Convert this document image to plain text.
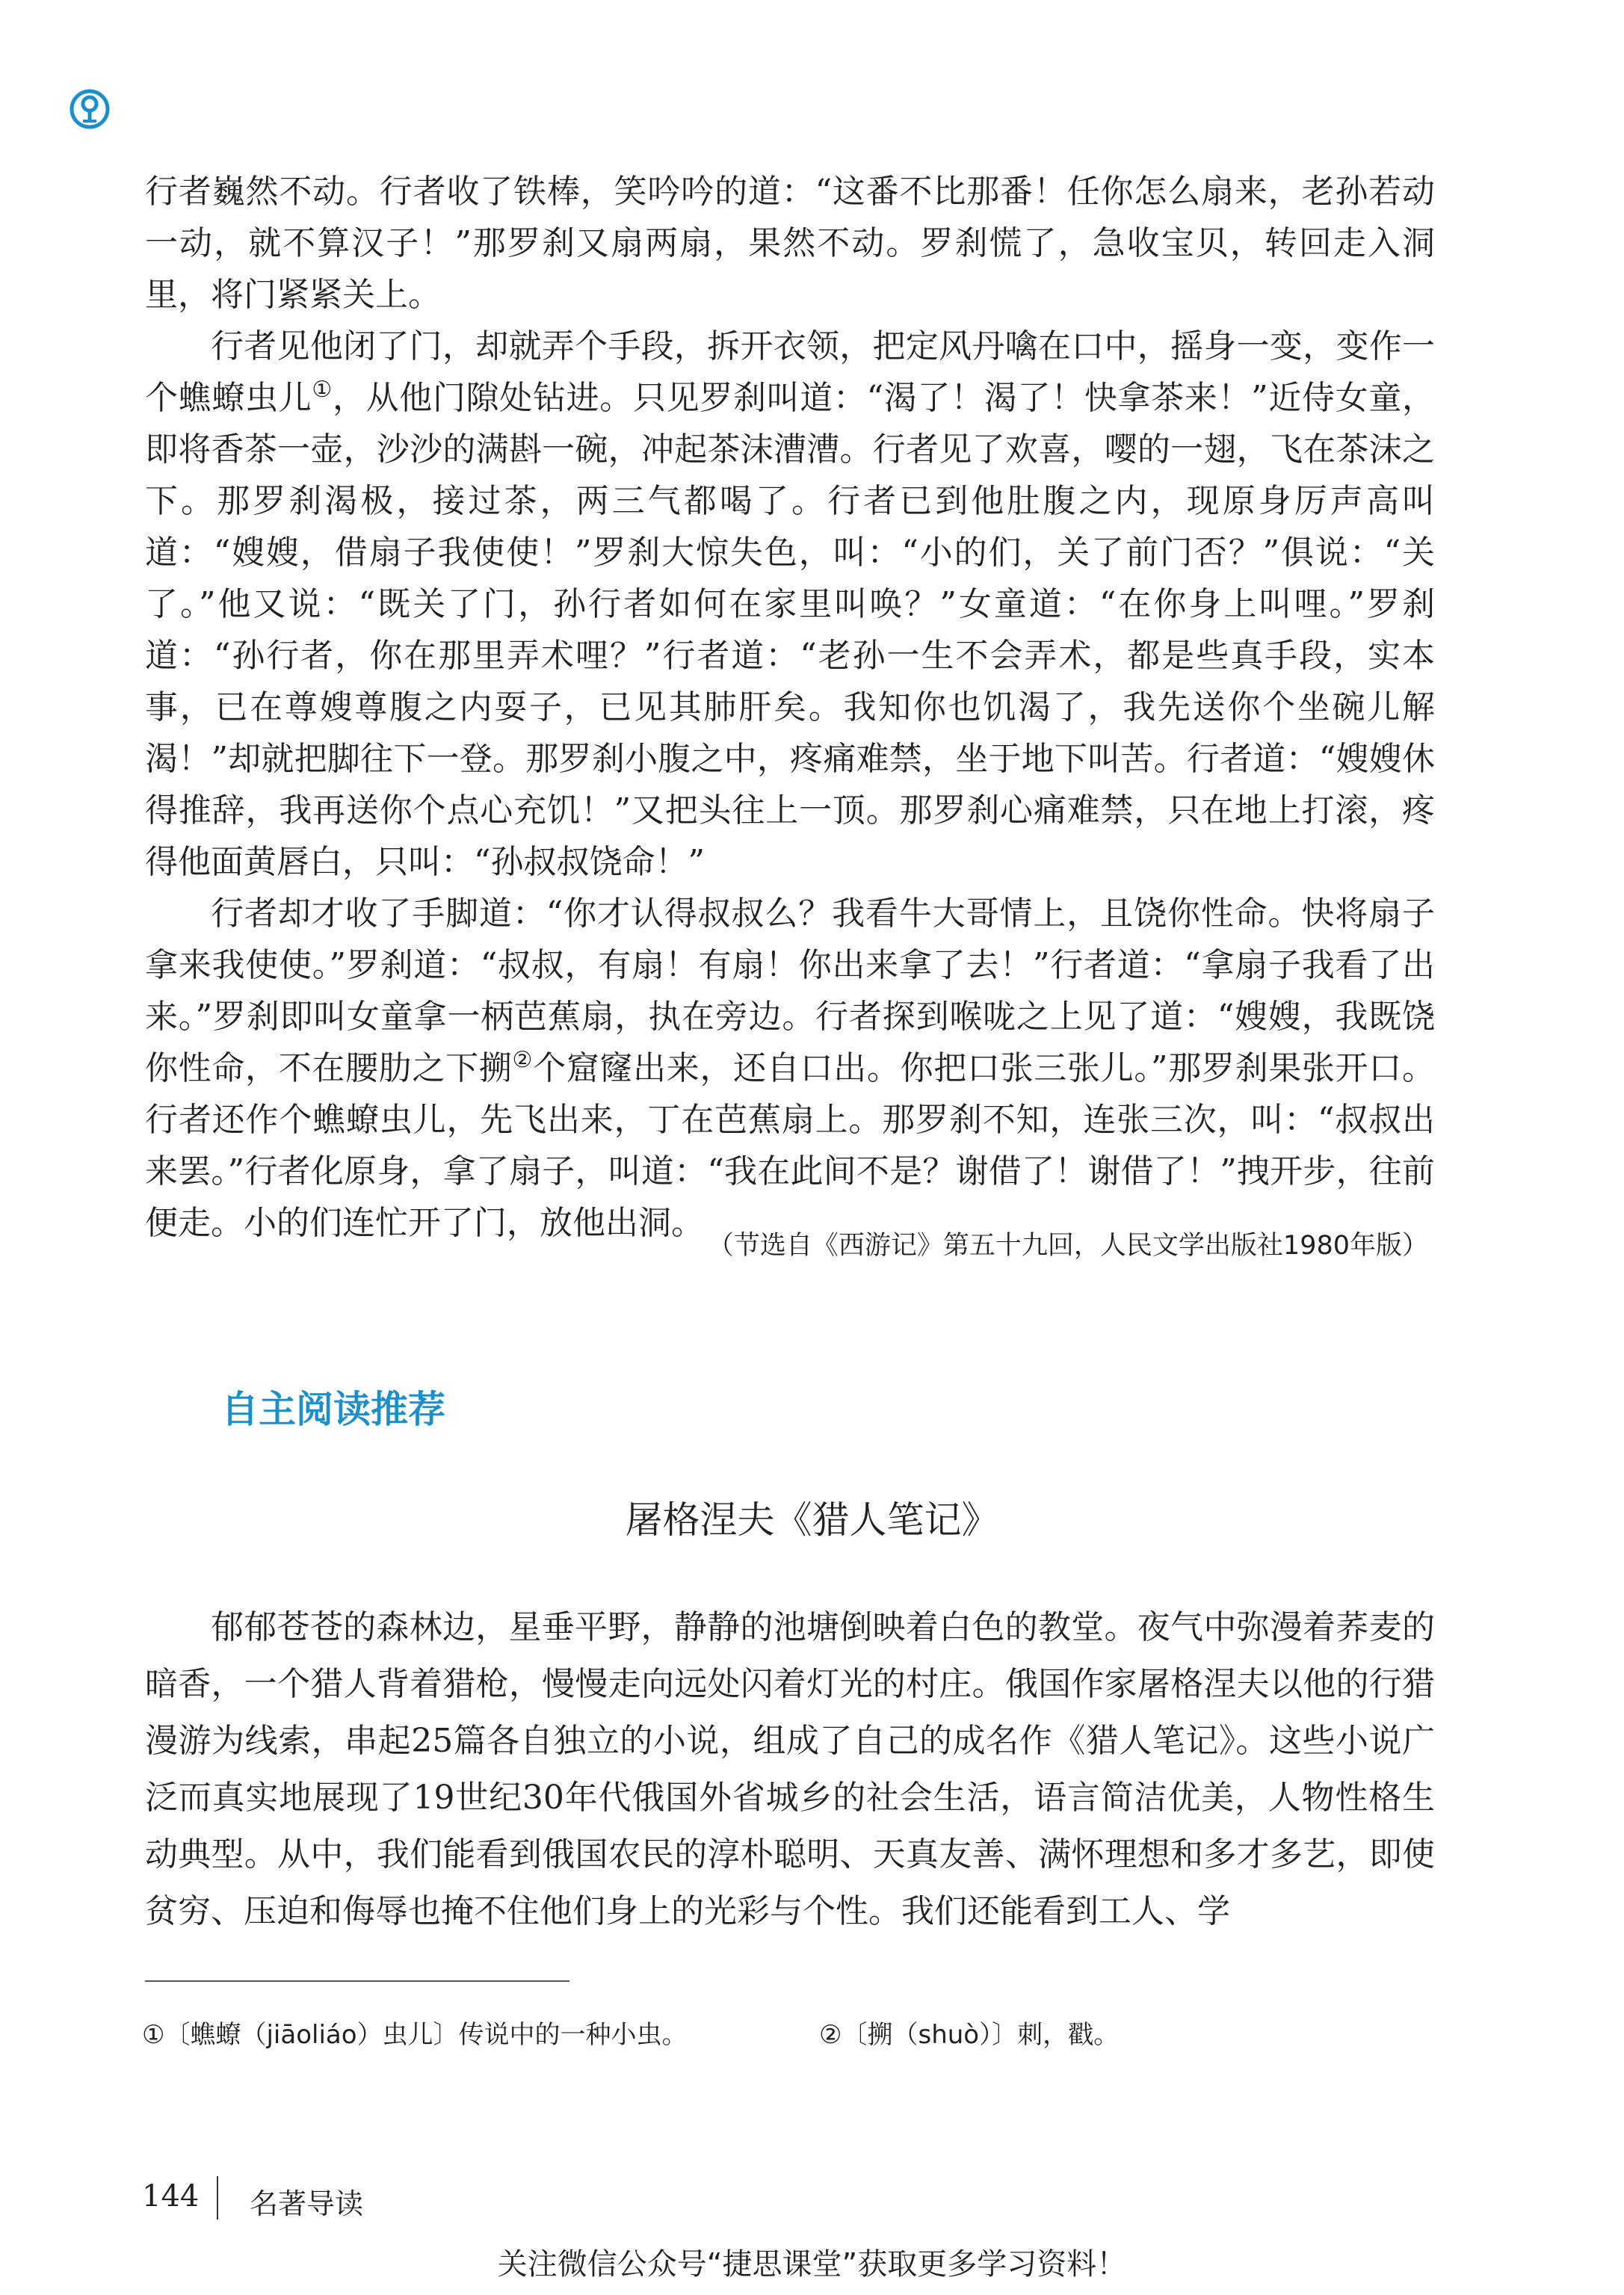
行者巍然不动。行者收了铁棒，笑吟吟的道：“这番不比那番！任你怎么扇来，老孙若动一动，就不算汉子！”那罗刹又扇两扇，果然不动。罗刹慌了，急收宝贝，转回走入洞里，将门紧紧关上。

行者见他闭了门，却就弄个手段，拆开衣领，把定风丹噙在口中，摇身一变，变作一个蟭蟟虫儿①，从他门隙处钻进。只见罗刹叫道：“渴了！渴了！快拿茶来！”近侍女童，即将香茶一壶，沙沙的满斟一碗，冲起茶沫漕漕。行者见了欢喜，嘤的一翅，飞在茶沫之下。那罗刹渴极，接过茶，两三气都喝了。行者已到他肚腹之内，现原身厉声高叫道：“嫂嫂，借扇子我使使！”罗刹大惊失色，叫：“小的们，关了前门否？”俱说：“关了。”他又说：“既关了门，孙行者如何在家里叫唤？”女童道：“在你身上叫哩。”罗刹道：“孙行者，你在那里弄术哩？”行者道：“老孙一生不会弄术，都是些真手段，实本事，已在尊嫂尊腹之内耍子，已见其肺肝矣。我知你也饥渴了，我先送你个坐碗儿解渴！”却就把脚往下一登。那罗刹小腹之中，疼痛难禁，坐于地下叫苦。行者道：“嫂嫂休得推辞，我再送你个点心充饥！”又把头往上一顶。那罗刹心痛难禁，只在地上打滚，疼得他面黄唇白，只叫：“孙叔叔饶命！”

行者却才收了手脚道：“你才认得叔叔么？我看牛大哥情上，且饶你性命。快将扇子拿来我使使。”罗刹道：“叔叔，有扇！有扇！你出来拿了去！”行者道：“拿扇子我看了出来。”罗刹即叫女童拿一柄芭蕉扇，执在旁边。行者探到喉咙之上见了道：“嫂嫂，我既饶你性命，不在腰肋之下搠②个窟窿出来，还自口出。你把口张三张儿。”那罗刹果张开口。行者还作个蟭蟟虫儿，先飞出来，丁在芭蕉扇上。那罗刹不知，连张三次，叫：“叔叔出来罢。”行者化原身，拿了扇子，叫道：“我在此间不是？谢借了！谢借了！”拽开步，往前便走。小的们连忙开了门，放他出洞。

（节选自《西游记》第五十九回，人民文学出版社1980年版）
自主阅读推荐
屠格涅夫《猎人笔记》

郁郁苍苍的森林边，星垂平野，静静的池塘倒映着白色的教堂。夜气中弥漫着荞麦的暗香，一个猎人背着猎枪，慢慢走向远处闪着灯光的村庄。俄国作家屠格涅夫以他的行猎漫游为线索，串起25篇各自独立的小说，组成了自己的成名作《猎人笔记》。这些小说广泛而真实地展现了19世纪30年代俄国外省城乡的社会生活，语言简洁优美，人物性格生动典型。从中，我们能看到俄国农民的淳朴聪明、天真友善、满怀理想和多才多艺，即使贫穷、压迫和侮辱也掩不住他们身上的光彩与个性。我们还能看到工人、学

①〔蟭蟟（jiāoliáo）虫儿〕传说中的一种小虫。	②〔搠（shuò）〕刺，戳。
144 名著导读
关注微信公众号“捷思课堂”获取更多学习资料！
